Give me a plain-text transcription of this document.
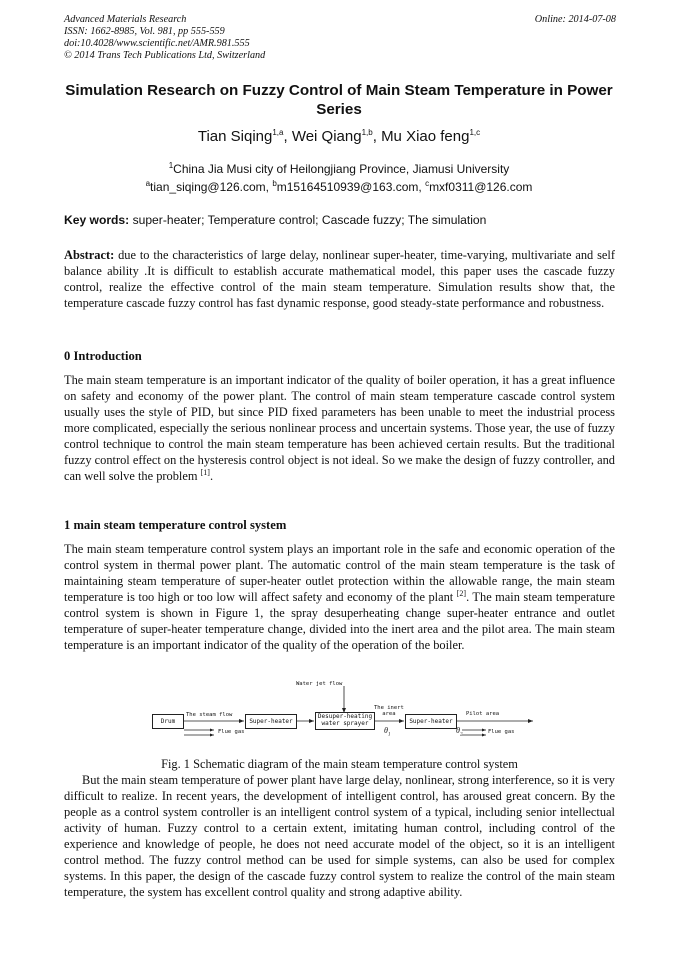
Advanced Materials Research
ISSN: 1662-8985, Vol. 981, pp 555-559
doi:10.4028/www.scientific.net/AMR.981.555
© 2014 Trans Tech Publications Ltd, Switzerland
Online: 2014-07-08
Simulation Research on Fuzzy Control of Main Steam Temperature in Power Series
Tian Siqing$^{1,a}$, Wei Qiang$^{1,b}$, Mu Xiao feng$^{1,c}$
$^1$China Jia Musi city of Heilongjiang Province, Jiamusi University
$^a$tian_siqing@126.com, $^b$m15164510939@163.com, $^c$mxf0311@126.com
Key words: super-heater; Temperature control; Cascade fuzzy; The simulation
Abstract: due to the characteristics of large delay, nonlinear super-heater, time-varying, multivariate and self balance ability .It is difficult to establish accurate mathematical model, this paper uses the cascade fuzzy control, realize the effective control of the main steam temperature. Simulation results show that, the temperature cascade fuzzy control has fast dynamic response, good steady-state performance and robustness.
0 Introduction
The main steam temperature is an important indicator of the quality of boiler operation, it has a great influence on safety and economy of the power plant. The control of main steam temperature cascade control system usually uses the style of PID, but since PID fixed parameters has been unable to meet the industrial process more complicated, especially the serious nonlinear process and uncertain systems. Those year, the use of fuzzy control technique to control the main steam temperature has been achieved certain results. But the traditional fuzzy control effect on the hysteresis control object is not ideal. So we make the design of fuzzy controller, and can well solve the problem [1].
1 main steam temperature control system
The main steam temperature control system plays an important role in the safe and economic operation of the control system in thermal power plant. The automatic control of the main steam temperature is the task of maintaining steam temperature of super-heater outlet protection within the allowable range, the main steam temperature is too high or too low will affect safety and economy of the plant [2]. The main steam temperature control system is shown in Figure 1, the spray desuperheating change super-heater entrance and outlet temperature of super-heater temperature change, divided into the inert area and the pilot area. The main steam temperature is an important indicator of the quality of the operation of the boiler.
Drum	Super-heater
Desuper-heating
water sprayer	Super-heater
Water jet flow
The steam flow
The inert
area	Pilot area
Flue gas	Flue gas
$\theta_1$
$\theta_2$
Fig. 1 Schematic diagram of the main steam temperature control system
But the main steam temperature of power plant have large delay, nonlinear, strong interference, so it is very difficult to realize. In recent years, the development of intelligent control, has aroused great concern. By the people as a control system controller is an intelligent control system of a typical, including senior intellectual activity of human. Fuzzy control to a certain extent, imitating human control, including control of the experience and knowledge of people, he does not need accurate model of the object, so it is an intelligent control method. The fuzzy control method can be used for simple systems, can also be used for complex systems. In this paper, the design of the cascade fuzzy control system to realize the control of the main steam temperature, the system has excellent control quality and strong adaptive ability.
